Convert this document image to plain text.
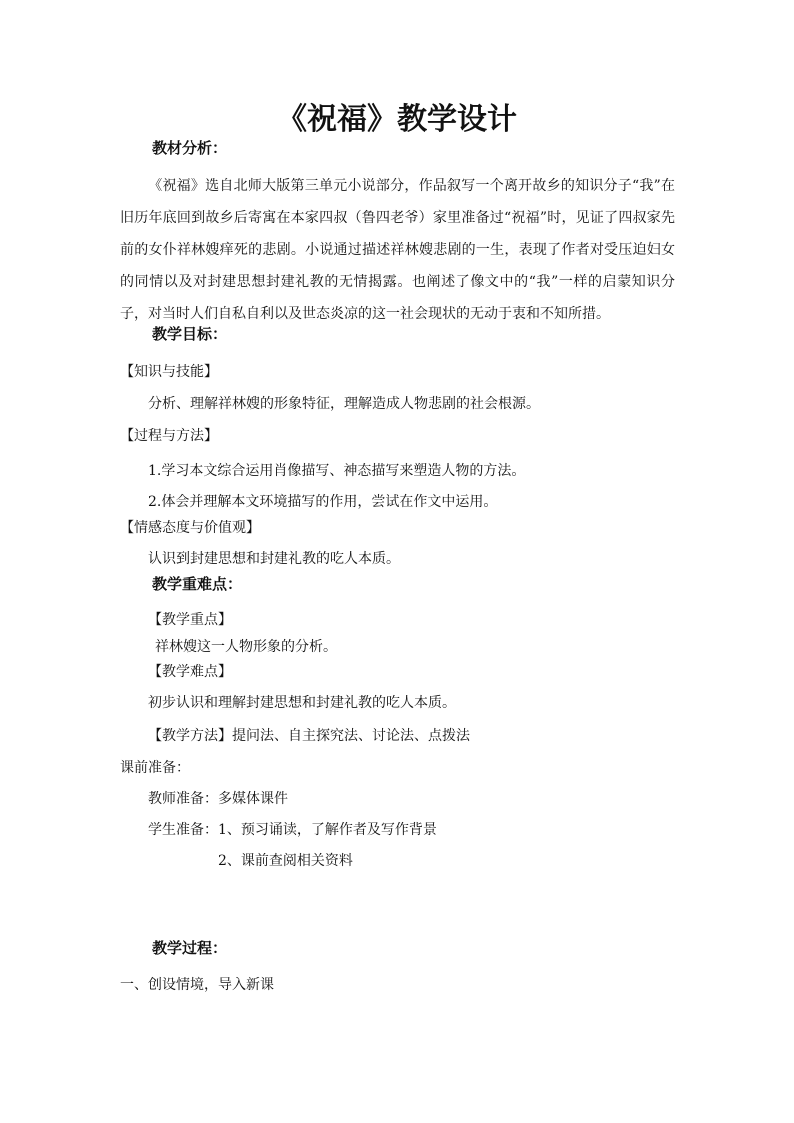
《祝福》教学设计
教材分析：
《祝福》选自北师大版第三单元小说部分，作品叙写一个离开故乡的知识分子“我”在旧历年底回到故乡后寄寓在本家四叔（鲁四老爷）家里准备过“祝福”时，见证了四叔家先前的女仆祥林嫂痒死的悲剧。小说通过描述祥林嫂悲剧的一生，表现了作者对受压迫妇女的同情以及对封建思想封建礼教的无情揭露。也阐述了像文中的“我”一样的启蒙知识分子，对当时人们自私自利以及世态炎凉的这一社会现状的无动于衷和不知所措。
教学目标：
【知识与技能】
分析、理解祥林嫂的形象特征，理解造成人物悲剧的社会根源。
【过程与方法】
1.学习本文综合运用肖像描写、神态描写来塑造人物的方法。
2.体会并理解本文环境描写的作用，尝试在作文中运用。
【情感态度与价值观】
认识到封建思想和封建礼教的吃人本质。
教学重难点：
【教学重点】
祥林嫂这一人物形象的分析。
【教学难点】
初步认识和理解封建思想和封建礼教的吃人本质。
【教学方法】提问法、自主探究法、讨论法、点拨法
课前准备：
教师准备：多媒体课件
学生准备：1、预习诵读，了解作者及写作背景
2、课前查阅相关资料
教学过程：
一、创设情境，导入新课
